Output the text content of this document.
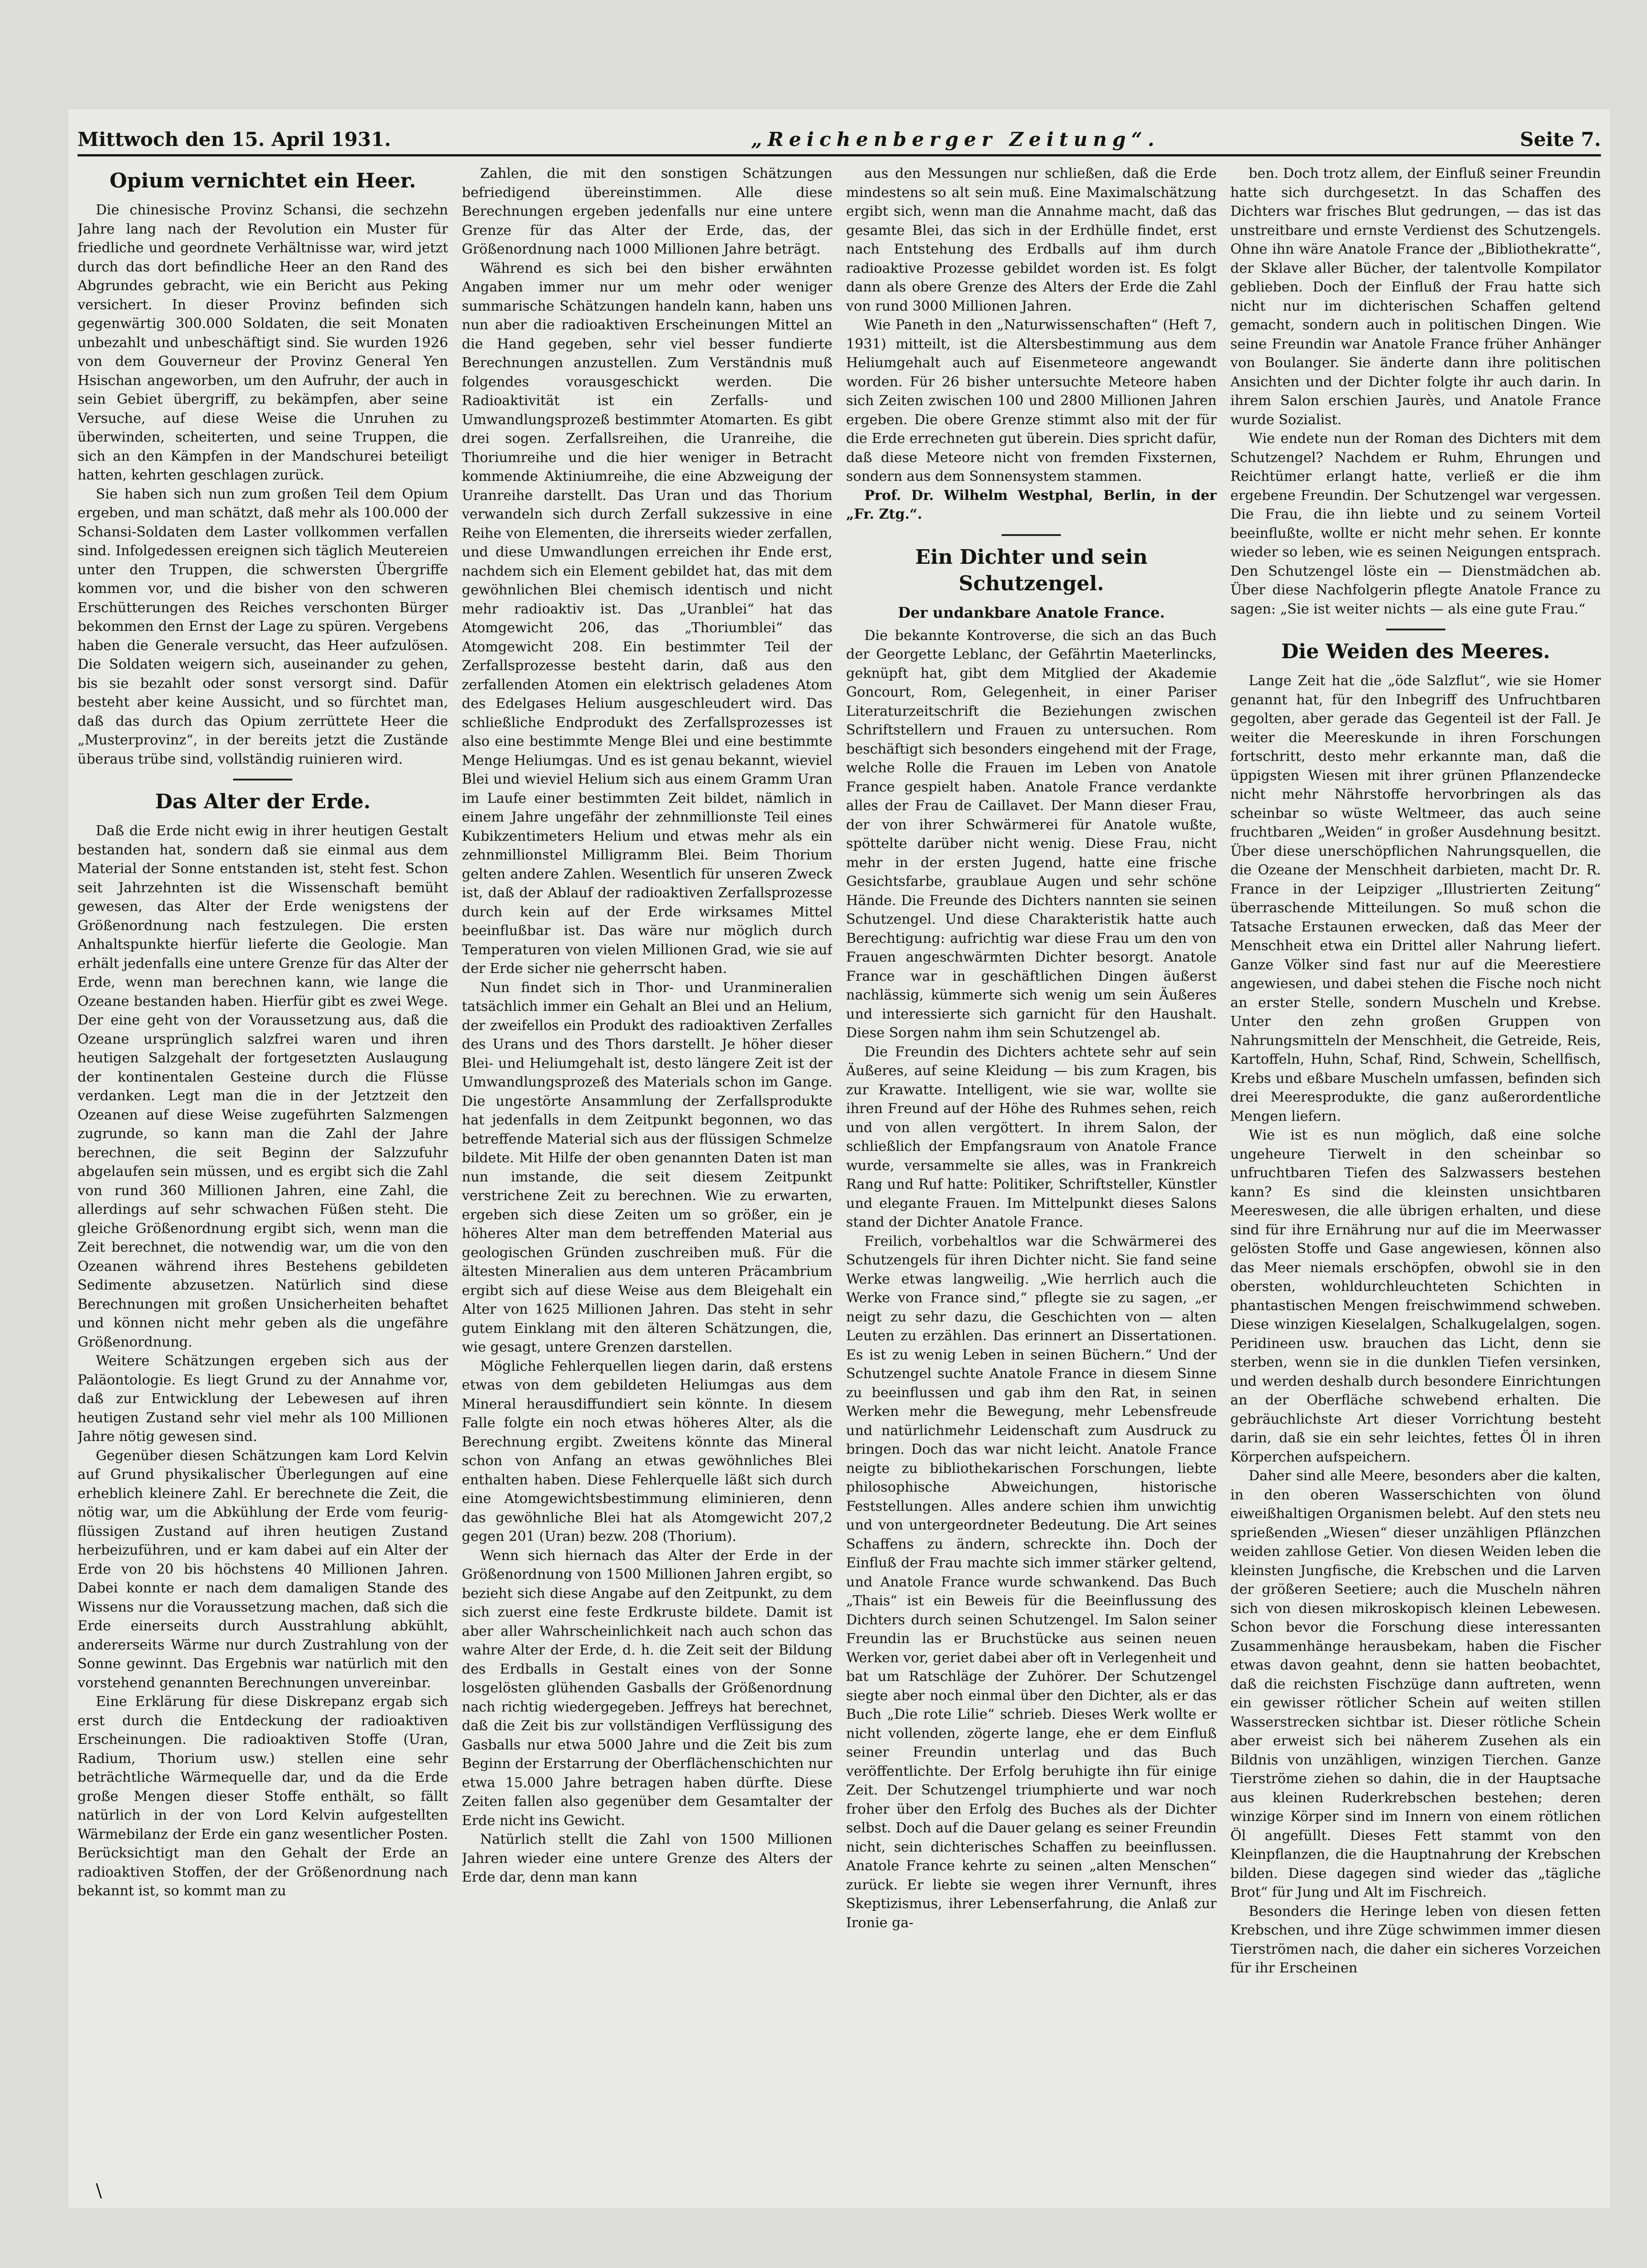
Mittwoch den 15. April 1931.	„Reichenberger Zeitung“.	Seite 7.
Opium vernichtet ein Heer.

Die chinesische Provinz Schansi, die sechzehn Jahre lang nach der Revolution ein Muster für friedliche und geordnete Verhältnisse war, wird jetzt durch das dort befindliche Heer an den Rand des Abgrundes gebracht, wie ein Bericht aus Peking versichert. In dieser Provinz befinden sich gegenwärtig 300.000 Soldaten, die seit Monaten unbezahlt und unbeschäftigt sind. Sie wurden 1926 von dem Gouverneur der Provinz General Yen Hsischan angeworben, um den Aufruhr, der auch in sein Gebiet übergriff, zu bekämpfen, aber seine Versuche, auf diese Weise die Unruhen zu überwinden, scheiterten, und seine Truppen, die sich an den Kämpfen in der Mandschurei beteiligt hatten, kehrten geschlagen zurück.

Sie haben sich nun zum großen Teil dem Opium ergeben, und man schätzt, daß mehr als 100.000 der Schansi-Soldaten dem Laster vollkommen verfallen sind. Infolgedessen ereignen sich täglich Meutereien unter den Truppen, die schwersten Übergriffe kommen vor, und die bisher von den schweren Erschütterungen des Reiches verschonten Bürger bekommen den Ernst der Lage zu spüren. Vergebens haben die Generale versucht, das Heer aufzulösen. Die Soldaten weigern sich, auseinander zu gehen, bis sie bezahlt oder sonst versorgt sind. Dafür besteht aber keine Aussicht, und so fürchtet man, daß das durch das Opium zerrüttete Heer die „Musterprovinz“, in der bereits jetzt die Zustände überaus trübe sind, vollständig ruinieren wird.

Das Alter der Erde.

Daß die Erde nicht ewig in ihrer heutigen Gestalt bestanden hat, sondern daß sie einmal aus dem Material der Sonne entstanden ist, steht fest. Schon seit Jahrzehnten ist die Wissenschaft bemüht gewesen, das Alter der Erde wenigstens der Größenordnung nach festzulegen. Die ersten Anhaltspunkte hierfür lieferte die Geologie. Man erhält jedenfalls eine untere Grenze für das Alter der Erde, wenn man berechnen kann, wie lange die Ozeane bestanden haben. Hierfür gibt es zwei Wege. Der eine geht von der Voraussetzung aus, daß die Ozeane ursprünglich salzfrei waren und ihren heutigen Salzgehalt der fortgesetzten Auslaugung der kontinentalen Gesteine durch die Flüsse verdanken. Legt man die in der Jetztzeit den Ozeanen auf diese Weise zugeführten Salzmengen zugrunde, so kann man die Zahl der Jahre berechnen, die seit Beginn der Salzzufuhr abgelaufen sein müssen, und es ergibt sich die Zahl von rund 360 Millionen Jahren, eine Zahl, die allerdings auf sehr schwachen Füßen steht. Die gleiche Größenordnung ergibt sich, wenn man die Zeit berechnet, die notwendig war, um die von den Ozeanen während ihres Bestehens gebildeten Sedimente abzusetzen. Natürlich sind diese Berechnungen mit großen Unsicherheiten behaftet und können nicht mehr geben als die ungefähre Größenordnung.

Weitere Schätzungen ergeben sich aus der Paläontologie. Es liegt Grund zu der Annahme vor, daß zur Entwicklung der Lebewesen auf ihren heutigen Zustand sehr viel mehr als 100 Millionen Jahre nötig gewesen sind.

Gegenüber diesen Schätzungen kam Lord Kelvin auf Grund physikalischer Überlegungen auf eine erheblich kleinere Zahl. Er berechnete die Zeit, die nötig war, um die Abkühlung der Erde vom feurig-flüssigen Zustand auf ihren heutigen Zustand herbeizuführen, und er kam dabei auf ein Alter der Erde von 20 bis höchstens 40 Millionen Jahren. Dabei konnte er nach dem damaligen Stande des Wissens nur die Voraussetzung machen, daß sich die Erde einerseits durch Ausstrahlung abkühlt, andererseits Wärme nur durch Zustrahlung von der Sonne gewinnt. Das Ergebnis war natürlich mit den vorstehend genannten Berechnungen unvereinbar.

Eine Erklärung für diese Diskrepanz ergab sich erst durch die Entdeckung der radioaktiven Erscheinungen. Die radioaktiven Stoffe (Uran, Radium, Thorium usw.) stellen eine sehr beträchtliche Wärmequelle dar, und da die Erde große Mengen dieser Stoffe enthält, so fällt natürlich in der von Lord Kelvin aufgestellten Wärmebilanz der Erde ein ganz wesentlicher Posten. Berücksichtigt man den Gehalt der Erde an radioaktiven Stoffen, der der Größenordnung nach bekannt ist, so kommt man zu

Zahlen, die mit den sonstigen Schätzungen befriedigend übereinstimmen. Alle diese Berechnungen ergeben jedenfalls nur eine untere Grenze für das Alter der Erde, das, der Größenordnung nach 1000 Millionen Jahre beträgt.

Während es sich bei den bisher erwähnten Angaben immer nur um mehr oder weniger summarische Schätzungen handeln kann, haben uns nun aber die radioaktiven Erscheinungen Mittel an die Hand gegeben, sehr viel besser fundierte Berechnungen anzustellen. Zum Verständnis muß folgendes vorausgeschickt werden. Die Radioaktivität ist ein Zerfalls- und Umwandlungsprozeß bestimmter Atomarten. Es gibt drei sogen. Zerfallsreihen, die Uranreihe, die Thoriumreihe und die hier weniger in Betracht kommende Aktiniumreihe, die eine Abzweigung der Uranreihe darstellt. Das Uran und das Thorium verwandeln sich durch Zerfall sukzessive in eine Reihe von Elementen, die ihrerseits wieder zerfallen, und diese Umwandlungen erreichen ihr Ende erst, nachdem sich ein Element gebildet hat, das mit dem gewöhnlichen Blei chemisch identisch und nicht mehr radioaktiv ist. Das „Uranblei“ hat das Atomgewicht 206, das „Thoriumblei“ das Atomgewicht 208. Ein bestimmter Teil der Zerfallsprozesse besteht darin, daß aus den zerfallenden Atomen ein elektrisch geladenes Atom des Edelgases Helium ausgeschleudert wird. Das schließliche Endprodukt des Zerfallsprozesses ist also eine bestimmte Menge Blei und eine bestimmte Menge Heliumgas. Und es ist genau bekannt, wieviel Blei und wieviel Helium sich aus einem Gramm Uran im Laufe einer bestimmten Zeit bildet, nämlich in einem Jahre ungefähr der zehnmillionste Teil eines Kubikzentimeters Helium und etwas mehr als ein zehnmillionstel Milligramm Blei. Beim Thorium gelten andere Zahlen. Wesentlich für unseren Zweck ist, daß der Ablauf der radioaktiven Zerfallsprozesse durch kein auf der Erde wirksames Mittel beeinflußbar ist. Das wäre nur möglich durch Temperaturen von vielen Millionen Grad, wie sie auf der Erde sicher nie geherrscht haben.

Nun findet sich in Thor- und Uranmineralien tatsächlich immer ein Gehalt an Blei und an Helium, der zweifellos ein Produkt des radioaktiven Zerfalles des Urans und des Thors darstellt. Je höher dieser Blei- und Heliumgehalt ist, desto längere Zeit ist der Umwandlungsprozeß des Materials schon im Gange. Die ungestörte Ansammlung der Zerfallsprodukte hat jedenfalls in dem Zeitpunkt begonnen, wo das betreffende Material sich aus der flüssigen Schmelze bildete. Mit Hilfe der oben genannten Daten ist man nun imstande, die seit diesem Zeitpunkt verstrichene Zeit zu berechnen. Wie zu erwarten, ergeben sich diese Zeiten um so größer, ein je höheres Alter man dem betreffenden Material aus geologischen Gründen zuschreiben muß. Für die ältesten Mineralien aus dem unteren Präcambrium ergibt sich auf diese Weise aus dem Bleigehalt ein Alter von 1625 Millionen Jahren. Das steht in sehr gutem Einklang mit den älteren Schätzungen, die, wie gesagt, untere Grenzen darstellen.

Mögliche Fehlerquellen liegen darin, daß erstens etwas von dem gebildeten Heliumgas aus dem Mineral herausdiffundiert sein könnte. In diesem Falle folgte ein noch etwas höheres Alter, als die Berechnung ergibt. Zweitens könnte das Mineral schon von Anfang an etwas gewöhnliches Blei enthalten haben. Diese Fehlerquelle läßt sich durch eine Atomgewichtsbestimmung eliminieren, denn das gewöhnliche Blei hat als Atomgewicht 207,2 gegen 201 (Uran) bezw. 208 (Thorium).

Wenn sich hiernach das Alter der Erde in der Größenordnung von 1500 Millionen Jahren ergibt, so bezieht sich diese Angabe auf den Zeitpunkt, zu dem sich zuerst eine feste Erdkruste bildete. Damit ist aber aller Wahrscheinlichkeit nach auch schon das wahre Alter der Erde, d. h. die Zeit seit der Bildung des Erdballs in Gestalt eines von der Sonne losgelösten glühenden Gasballs der Größenordnung nach richtig wiedergegeben. Jeffreys hat berechnet, daß die Zeit bis zur vollständigen Verflüssigung des Gasballs nur etwa 5000 Jahre und die Zeit bis zum Beginn der Erstarrung der Oberflächenschichten nur etwa 15.000 Jahre betragen haben dürfte. Diese Zeiten fallen also gegenüber dem Gesamtalter der Erde nicht ins Gewicht.

Natürlich stellt die Zahl von 1500 Millionen Jahren wieder eine untere Grenze des Alters der Erde dar, denn man kann

aus den Messungen nur schließen, daß die Erde mindestens so alt sein muß. Eine Maximalschätzung ergibt sich, wenn man die Annahme macht, daß das gesamte Blei, das sich in der Erdhülle findet, erst nach Entstehung des Erdballs auf ihm durch radioaktive Prozesse gebildet worden ist. Es folgt dann als obere Grenze des Alters der Erde die Zahl von rund 3000 Millionen Jahren.

Wie Paneth in den „Naturwissenschaften“ (Heft 7, 1931) mitteilt, ist die Altersbestimmung aus dem Heliumgehalt auch auf Eisenmeteore angewandt worden. Für 26 bisher untersuchte Meteore haben sich Zeiten zwischen 100 und 2800 Millionen Jahren ergeben. Die obere Grenze stimmt also mit der für die Erde errechneten gut überein. Dies spricht dafür, daß diese Meteore nicht von fremden Fixsternen, sondern aus dem Sonnensystem stammen.

Prof. Dr. Wilhelm Westphal, Berlin, in der „Fr. Ztg.“.

Ein Dichter und sein Schutzengel.
Der undankbare Anatole France.

Die bekannte Kontroverse, die sich an das Buch der Georgette Leblanc, der Gefährtin Maeterlincks, geknüpft hat, gibt dem Mitglied der Akademie Goncourt, Rom, Gelegenheit, in einer Pariser Literaturzeitschrift die Beziehungen zwischen Schriftstellern und Frauen zu untersuchen. Rom beschäftigt sich besonders eingehend mit der Frage, welche Rolle die Frauen im Leben von Anatole France gespielt haben. Anatole France verdankte alles der Frau de Caillavet. Der Mann dieser Frau, der von ihrer Schwärmerei für Anatole wußte, spöttelte darüber nicht wenig. Diese Frau, nicht mehr in der ersten Jugend, hatte eine frische Gesichtsfarbe, graublaue Augen und sehr schöne Hände. Die Freunde des Dichters nannten sie seinen Schutzengel. Und diese Charakteristik hatte auch Berechtigung: aufrichtig war diese Frau um den von Frauen angeschwärmten Dichter besorgt. Anatole France war in geschäftlichen Dingen äußerst nachlässig, kümmerte sich wenig um sein Äußeres und interessierte sich garnicht für den Haushalt. Diese Sorgen nahm ihm sein Schutzengel ab.

Die Freundin des Dichters achtete sehr auf sein Äußeres, auf seine Kleidung — bis zum Kragen, bis zur Krawatte. Intelligent, wie sie war, wollte sie ihren Freund auf der Höhe des Ruhmes sehen, reich und von allen vergöttert. In ihrem Salon, der schließlich der Empfangsraum von Anatole France wurde, versammelte sie alles, was in Frankreich Rang und Ruf hatte: Politiker, Schriftsteller, Künstler und elegante Frauen. Im Mittelpunkt dieses Salons stand der Dichter Anatole France.

Freilich, vorbehaltlos war die Schwärmerei des Schutzengels für ihren Dichter nicht. Sie fand seine Werke etwas langweilig. „Wie herrlich auch die Werke von France sind,“ pflegte sie zu sagen, „er neigt zu sehr dazu, die Geschichten von — alten Leuten zu erzählen. Das erinnert an Dissertationen. Es ist zu wenig Leben in seinen Büchern.“ Und der Schutzengel suchte Anatole France in diesem Sinne zu beeinflussen und gab ihm den Rat, in seinen Werken mehr die Bewegung, mehr Lebensfreude und natürlichmehr Leidenschaft zum Ausdruck zu bringen. Doch das war nicht leicht. Anatole France neigte zu bibliothekarischen Forschungen, liebte philosophische Abweichungen, historische Feststellungen. Alles andere schien ihm unwichtig und von untergeordneter Bedeutung. Die Art seines Schaffens zu ändern, schreckte ihn. Doch der Einfluß der Frau machte sich immer stärker geltend, und Anatole France wurde schwankend. Das Buch „Thais“ ist ein Beweis für die Beeinflussung des Dichters durch seinen Schutzengel. Im Salon seiner Freundin las er Bruchstücke aus seinen neuen Werken vor, geriet dabei aber oft in Verlegenheit und bat um Ratschläge der Zuhörer. Der Schutzengel siegte aber noch einmal über den Dichter, als er das Buch „Die rote Lilie“ schrieb. Dieses Werk wollte er nicht vollenden, zögerte lange, ehe er dem Einfluß seiner Freundin unterlag und das Buch veröffentlichte. Der Erfolg beruhigte ihn für einige Zeit. Der Schutzengel triumphierte und war noch froher über den Erfolg des Buches als der Dichter selbst. Doch auf die Dauer gelang es seiner Freundin nicht, sein dichterisches Schaffen zu beeinflussen. Anatole France kehrte zu seinen „alten Menschen“ zurück. Er liebte sie wegen ihrer Vernunft, ihres Skeptizismus, ihrer Lebenserfahrung, die Anlaß zur Ironie ga-

ben. Doch trotz allem, der Einfluß seiner Freundin hatte sich durchgesetzt. In das Schaffen des Dichters war frisches Blut gedrungen, — das ist das unstreitbare und ernste Verdienst des Schutzengels. Ohne ihn wäre Anatole France der „Bibliothekratte“, der Sklave aller Bücher, der talentvolle Kompilator geblieben. Doch der Einfluß der Frau hatte sich nicht nur im dichterischen Schaffen geltend gemacht, sondern auch in politischen Dingen. Wie seine Freundin war Anatole France früher Anhänger von Boulanger. Sie änderte dann ihre politischen Ansichten und der Dichter folgte ihr auch darin. In ihrem Salon erschien Jaurès, und Anatole France wurde Sozialist.

Wie endete nun der Roman des Dichters mit dem Schutzengel? Nachdem er Ruhm, Ehrungen und Reichtümer erlangt hatte, verließ er die ihm ergebene Freundin. Der Schutzengel war vergessen. Die Frau, die ihn liebte und zu seinem Vorteil beeinflußte, wollte er nicht mehr sehen. Er konnte wieder so leben, wie es seinen Neigungen entsprach. Den Schutzengel löste ein — Dienstmädchen ab. Über diese Nachfolgerin pflegte Anatole France zu sagen: „Sie ist weiter nichts — als eine gute Frau.“

Die Weiden des Meeres.

Lange Zeit hat die „öde Salzflut“, wie sie Homer genannt hat, für den Inbegriff des Unfruchtbaren gegolten, aber gerade das Gegenteil ist der Fall. Je weiter die Meereskunde in ihren Forschungen fortschritt, desto mehr erkannte man, daß die üppigsten Wiesen mit ihrer grünen Pflanzendecke nicht mehr Nährstoffe hervorbringen als das scheinbar so wüste Weltmeer, das auch seine fruchtbaren „Weiden“ in großer Ausdehnung besitzt. Über diese unerschöpflichen Nahrungsquellen, die die Ozeane der Menschheit darbieten, macht Dr. R. France in der Leipziger „Illustrierten Zeitung“ überraschende Mitteilungen. So muß schon die Tatsache Erstaunen erwecken, daß das Meer der Menschheit etwa ein Drittel aller Nahrung liefert. Ganze Völker sind fast nur auf die Meerestiere angewiesen, und dabei stehen die Fische noch nicht an erster Stelle, sondern Muscheln und Krebse. Unter den zehn großen Gruppen von Nahrungsmitteln der Menschheit, die Getreide, Reis, Kartoffeln, Huhn, Schaf, Rind, Schwein, Schellfisch, Krebs und eßbare Muscheln umfassen, befinden sich drei Meeresprodukte, die ganz außerordentliche Mengen liefern.

Wie ist es nun möglich, daß eine solche ungeheure Tierwelt in den scheinbar so unfruchtbaren Tiefen des Salzwassers bestehen kann? Es sind die kleinsten unsichtbaren Meereswesen, die alle übrigen erhalten, und diese sind für ihre Ernährung nur auf die im Meerwasser gelösten Stoffe und Gase angewiesen, können also das Meer niemals erschöpfen, obwohl sie in den obersten, wohldurchleuchteten Schichten in phantastischen Mengen freischwimmend schweben. Diese winzigen Kieselalgen, Schalkugelalgen, sogen. Peridineen usw. brauchen das Licht, denn sie sterben, wenn sie in die dunklen Tiefen versinken, und werden deshalb durch besondere Einrichtungen an der Oberfläche schwebend erhalten. Die gebräuchlichste Art dieser Vorrichtung besteht darin, daß sie ein sehr leichtes, fettes Öl in ihren Körperchen aufspeichern.

Daher sind alle Meere, besonders aber die kalten, in den oberen Wasserschichten von ölund eiweißhaltigen Organismen belebt. Auf den stets neu sprießenden „Wiesen“ dieser unzähligen Pflänzchen weiden zahllose Getier. Von diesen Weiden leben die kleinsten Jungfische, die Krebschen und die Larven der größeren Seetiere; auch die Muscheln nähren sich von diesen mikroskopisch kleinen Lebewesen. Schon bevor die Forschung diese interessanten Zusammenhänge herausbekam, haben die Fischer etwas davon geahnt, denn sie hatten beobachtet, daß die reichsten Fischzüge dann auftreten, wenn ein gewisser rötlicher Schein auf weiten stillen Wasserstrecken sichtbar ist. Dieser rötliche Schein aber erweist sich bei näherem Zusehen als ein Bildnis von unzähligen, winzigen Tierchen. Ganze Tierströme ziehen so dahin, die in der Hauptsache aus kleinen Ruderkrebschen bestehen; deren winzige Körper sind im Innern von einem rötlichen Öl angefüllt. Dieses Fett stammt von den Kleinpflanzen, die die Hauptnahrung der Krebschen bilden. Diese dagegen sind wieder das „tägliche Brot“ für Jung und Alt im Fischreich.

Besonders die Heringe leben von diesen fetten Krebschen, und ihre Züge schwimmen immer diesen Tierströmen nach, die daher ein sicheres Vorzeichen für ihr Erscheinen

\
